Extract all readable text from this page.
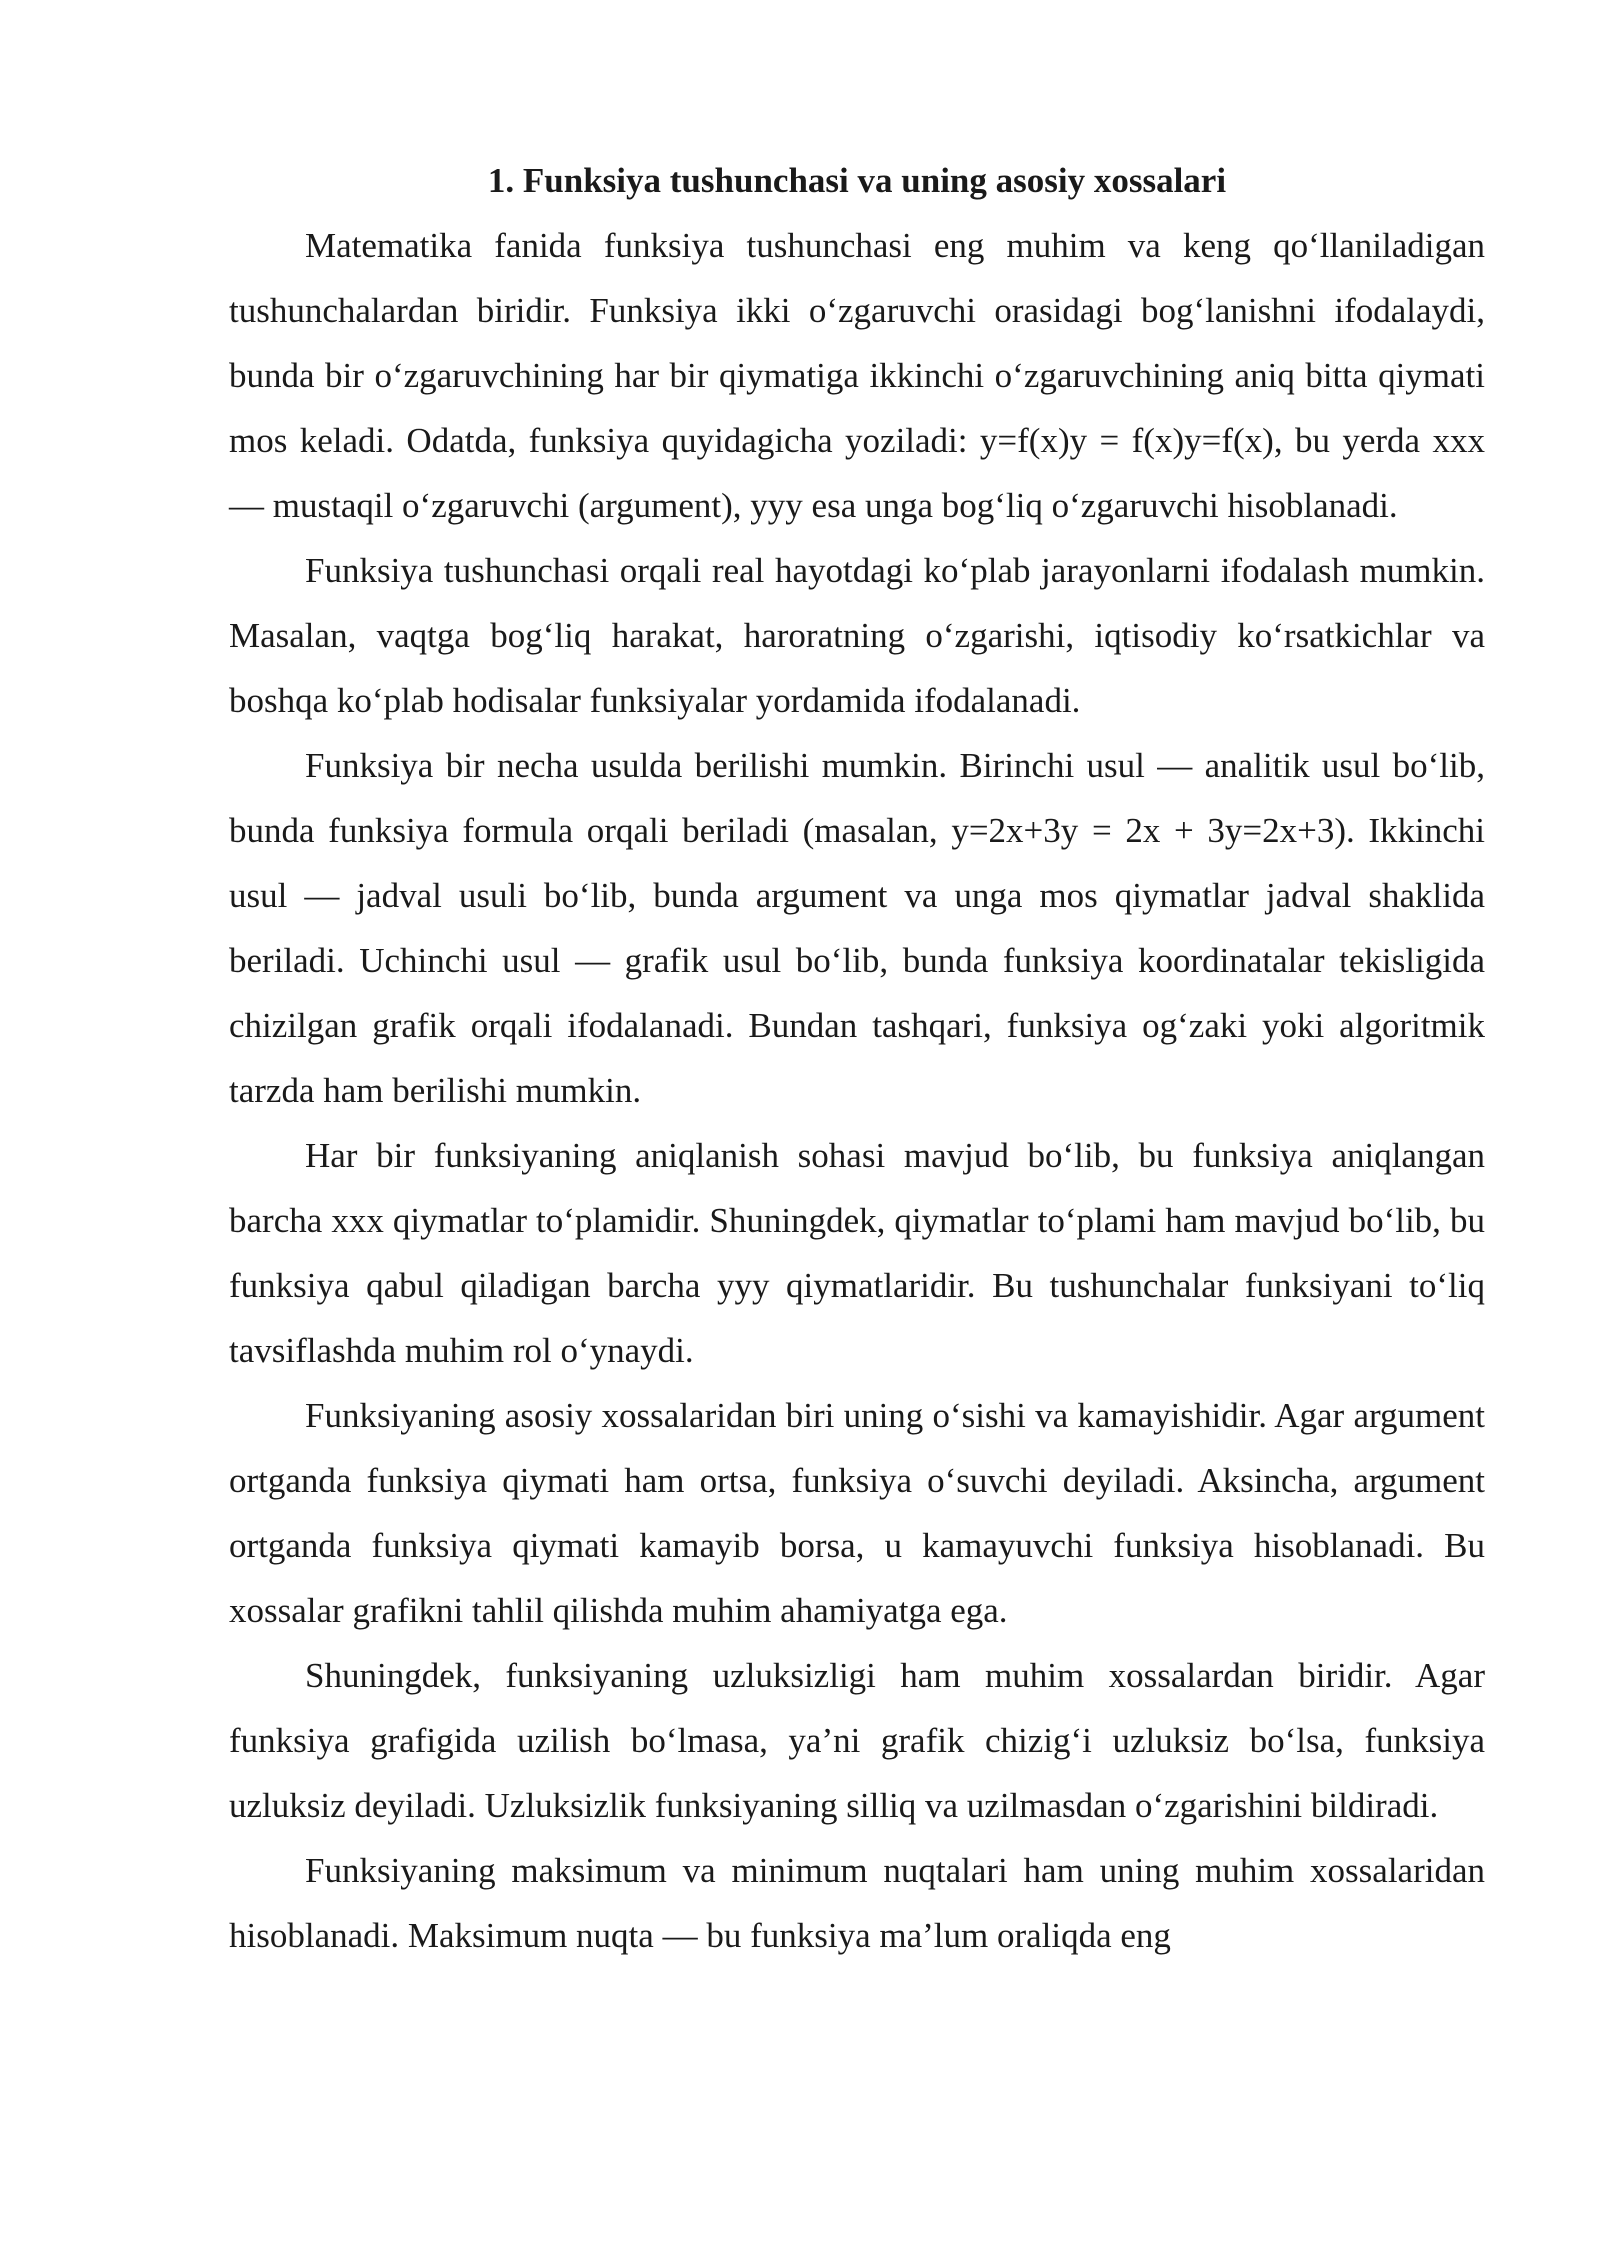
1. Funksiya tushunchasi va uning asosiy xossalari

Matematika fanida funksiya tushunchasi eng muhim va keng qo‘llaniladigan tushunchalardan biridir. Funksiya ikki o‘zgaruvchi orasidagi bog‘lanishni ifodalaydi, bunda bir o‘zgaruvchining har bir qiymatiga ikkinchi o‘zgaruvchining aniq bitta qiymati mos keladi. Odatda, funksiya quyidagicha yoziladi: y=f(x)y = f(x)y=f(x), bu yerda xxx — mustaqil o‘zgaruvchi (argument), yyy esa unga bog‘liq o‘zgaruvchi hisoblanadi.

Funksiya tushunchasi orqali real hayotdagi ko‘plab jarayonlarni ifodalash mumkin. Masalan, vaqtga bog‘liq harakat, haroratning o‘zgarishi, iqtisodiy ko‘rsatkichlar va boshqa ko‘plab hodisalar funksiyalar yordamida ifodalanadi.

Funksiya bir necha usulda berilishi mumkin. Birinchi usul — analitik usul bo‘lib, bunda funksiya formula orqali beriladi (masalan, y=2x+3y = 2x + 3y=2x+3). Ikkinchi usul — jadval usuli bo‘lib, bunda argument va unga mos qiymatlar jadval shaklida beriladi. Uchinchi usul — grafik usul bo‘lib, bunda funksiya koordinatalar tekisligida chizilgan grafik orqali ifodalanadi. Bundan tashqari, funksiya og‘zaki yoki algoritmik tarzda ham berilishi mumkin.

Har bir funksiyaning aniqlanish sohasi mavjud bo‘lib, bu funksiya aniqlangan barcha xxx qiymatlar to‘plamidir. Shuningdek, qiymatlar to‘plami ham mavjud bo‘lib, bu funksiya qabul qiladigan barcha yyy qiymatlaridir. Bu tushunchalar funksiyani to‘liq tavsiflashda muhim rol o‘ynaydi.

Funksiyaning asosiy xossalaridan biri uning o‘sishi va kamayishidir. Agar argument ortganda funksiya qiymati ham ortsa, funksiya o‘suvchi deyiladi. Aksincha, argument ortganda funksiya qiymati kamayib borsa, u kamayuvchi funksiya hisoblanadi. Bu xossalar grafikni tahlil qilishda muhim ahamiyatga ega.

Shuningdek, funksiyaning uzluksizligi ham muhim xossalardan biridir. Agar funksiya grafigida uzilish bo‘lmasa, ya’ni grafik chizig‘i uzluksiz bo‘lsa, funksiya uzluksiz deyiladi. Uzluksizlik funksiyaning silliq va uzilmasdan o‘zgarishini bildiradi.

Funksiyaning maksimum va minimum nuqtalari ham uning muhim xossalaridan hisoblanadi. Maksimum nuqta — bu funksiya ma’lum oraliqda eng
